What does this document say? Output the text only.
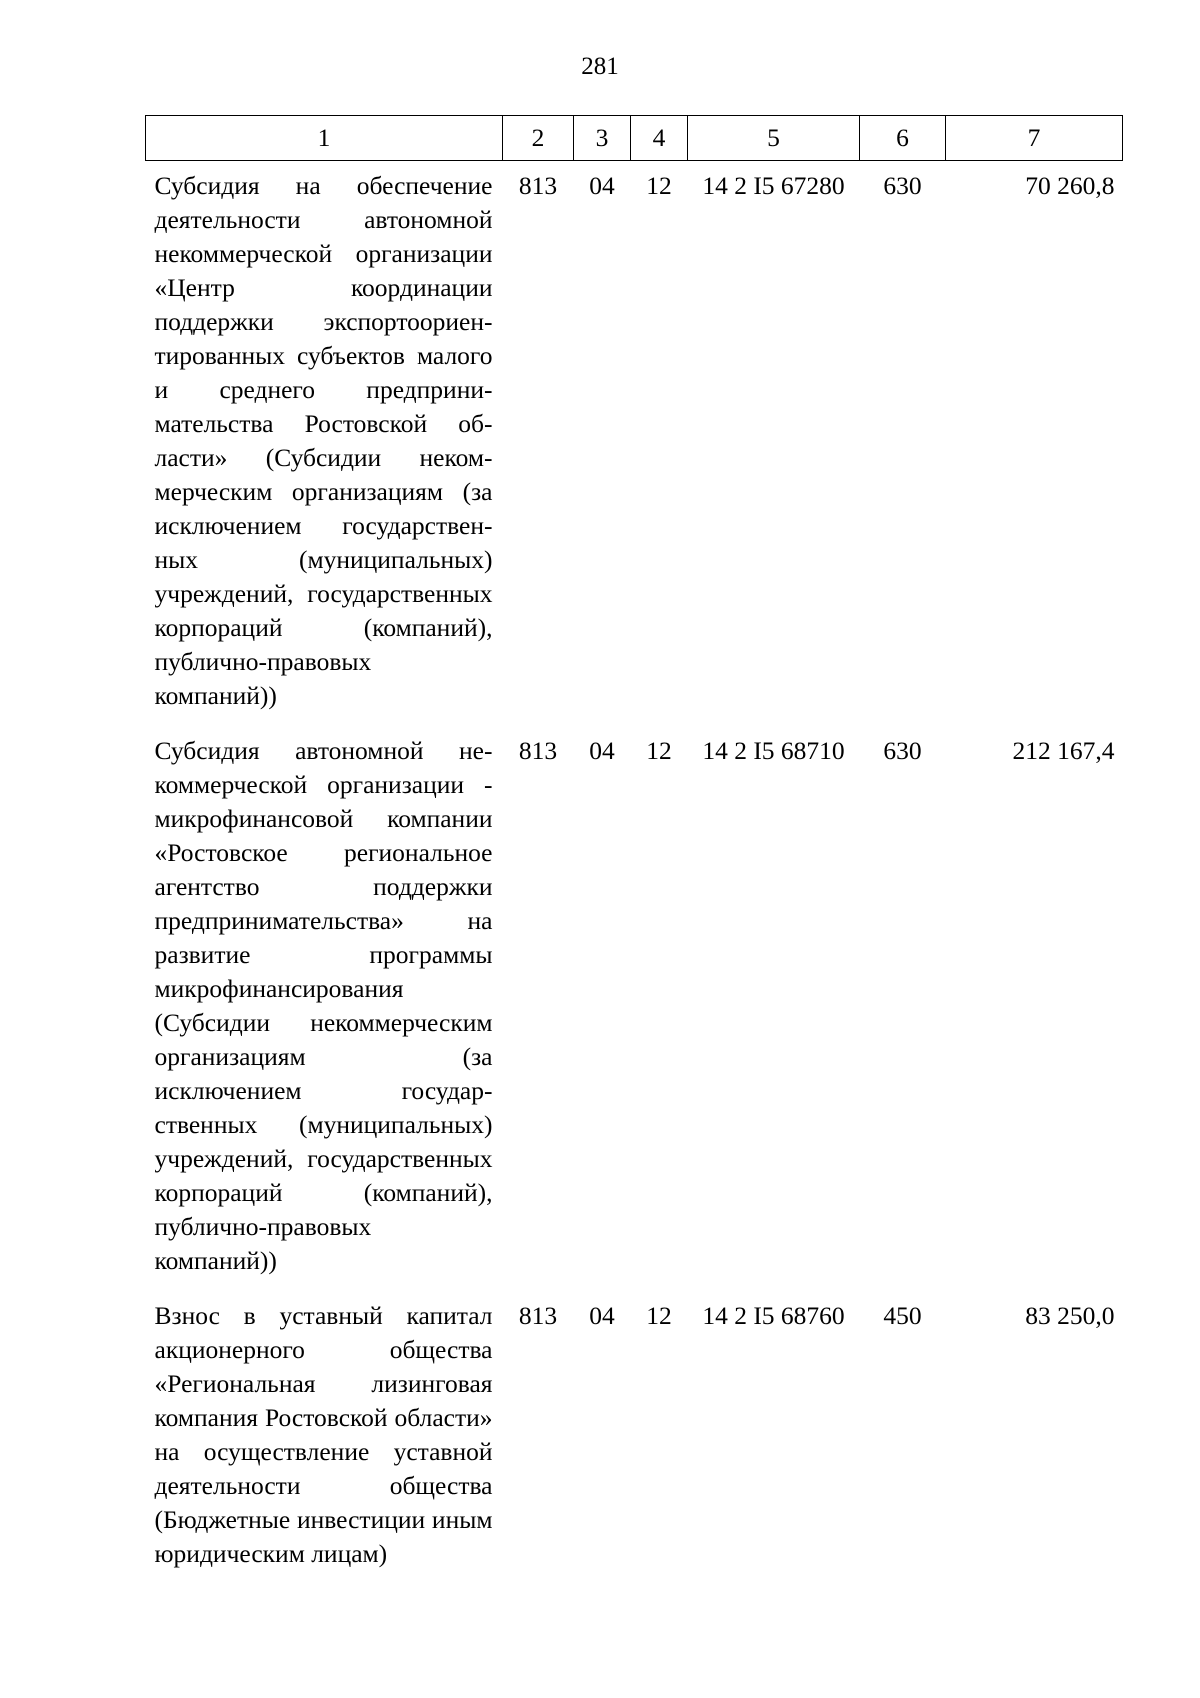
281
1	2	3	4	5	6	7
Субсидия на обеспечение деятельности автономной некоммерческой организации «Центр координации поддержки экспортоориентированных субъектов малого и среднего предпринимательства Ростовской области» (Субсидии некоммерческим организациям (за исключением государственных (муниципальных) учреждений, государственных корпораций (компаний), публично-правовых компаний))	813	04	12	14 2 I5 67280	630	70 260,8
Субсидия автономной некоммерческой организации - микрофинансовой компании «Ростовское региональное агентство поддержки предпринимательства» на развитие программы микрофинансирования (Субсидии некоммерческим организациям (за исключением государственных (муниципальных) учреждений, государственных корпораций (компаний), публично-правовых компаний))	813	04	12	14 2 I5 68710	630	212 167,4
Взнос в уставный капитал акционерного общества «Региональная лизинговая компания Ростовской области» на осуществление уставной деятельности общества (Бюджетные инвестиции иным юридическим лицам)	813	04	12	14 2 I5 68760	450	83 250,0
